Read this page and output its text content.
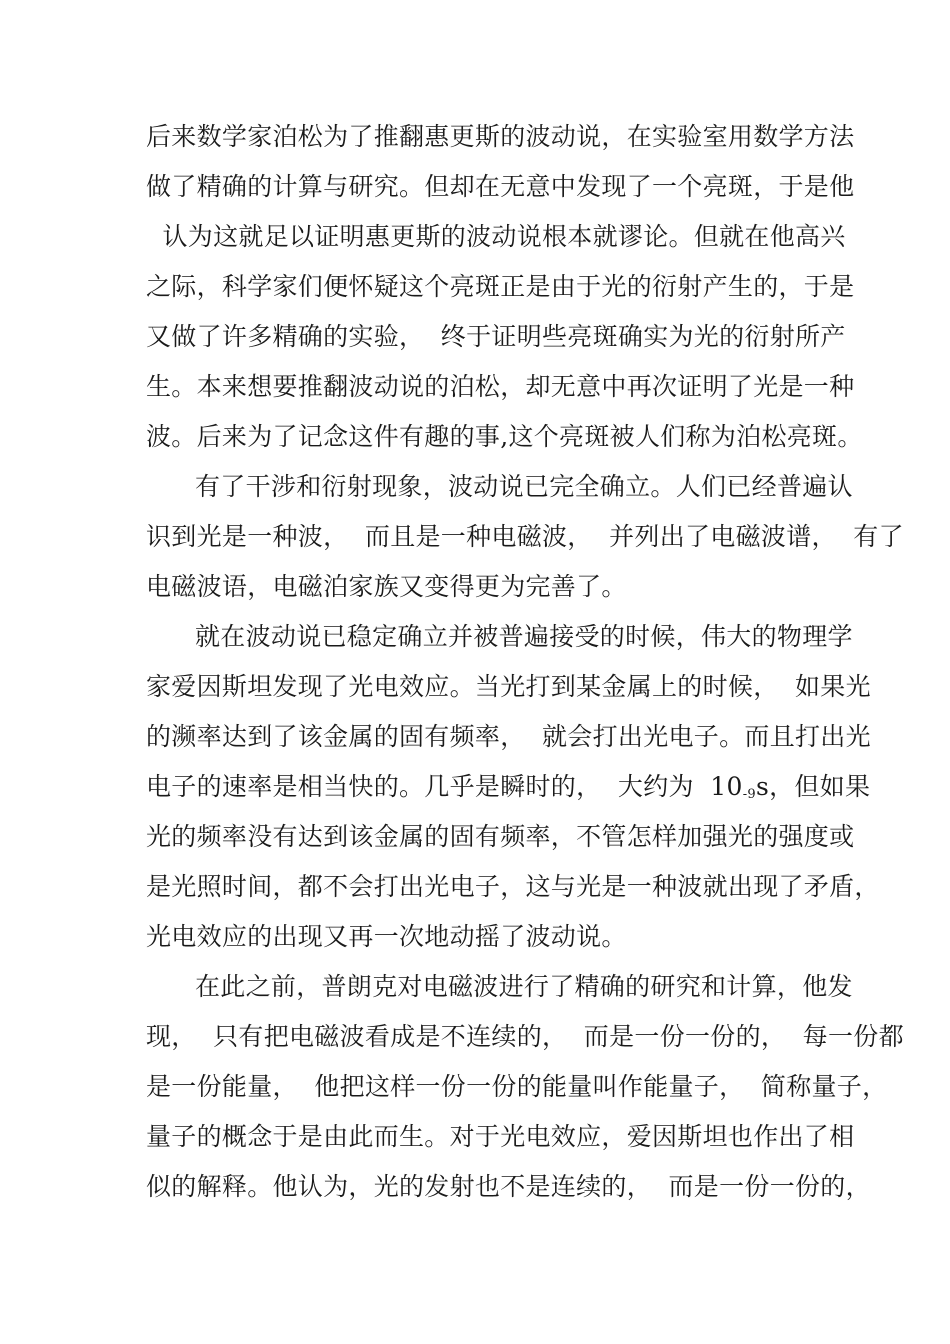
后来数学家泊松为了推翻惠更斯的波动说，在实验室用数学方法
做了精确的计算与研究。但却在无意中发现了一个亮斑，于是他
认为这就足以证明惠更斯的波动说根本就谬论。但就在他高兴
之际，科学家们便怀疑这个亮斑正是由于光的衍射产生的，于是
又做了许多精确的实验，  终于证明些亮斑确实为光的衍射所产
生。本来想要推翻波动说的泊松，却无意中再次证明了光是一种
波。后来为了记念这件有趣的事,这个亮斑被人们称为泊松亮斑。
有了干涉和衍射现象，波动说已完全确立。人们已经普遍认
识到光是一种波，  而且是一种电磁波，  并列出了电磁波谱，  有了
电磁波语，电磁泊家族又变得更为完善了。
就在波动说已稳定确立并被普遍接受的时候，伟大的物理学
家爱因斯坦发现了光电效应。当光打到某金属上的时候，  如果光
的濒率达到了该金属的固有频率，  就会打出光电子。而且打出光
电子的速率是相当快的。几乎是瞬时的，  大约为  $10_{-9}s$，但如果
光的频率没有达到该金属的固有频率，不管怎样加强光的强度或
是光照时间，都不会打出光电子，这与光是一种波就出现了矛盾，
光电效应的出现又再一次地动摇了波动说。
在此之前，普朗克对电磁波进行了精确的研究和计算，他发
现，  只有把电磁波看成是不连续的，  而是一份一份的，  每一份都
是一份能量，  他把这样一份一份的能量叫作能量子，  简称量子，
量子的概念于是由此而生。对于光电效应，爱因斯坦也作出了相
似的解释。他认为，光的发射也不是连续的，  而是一份一份的，
